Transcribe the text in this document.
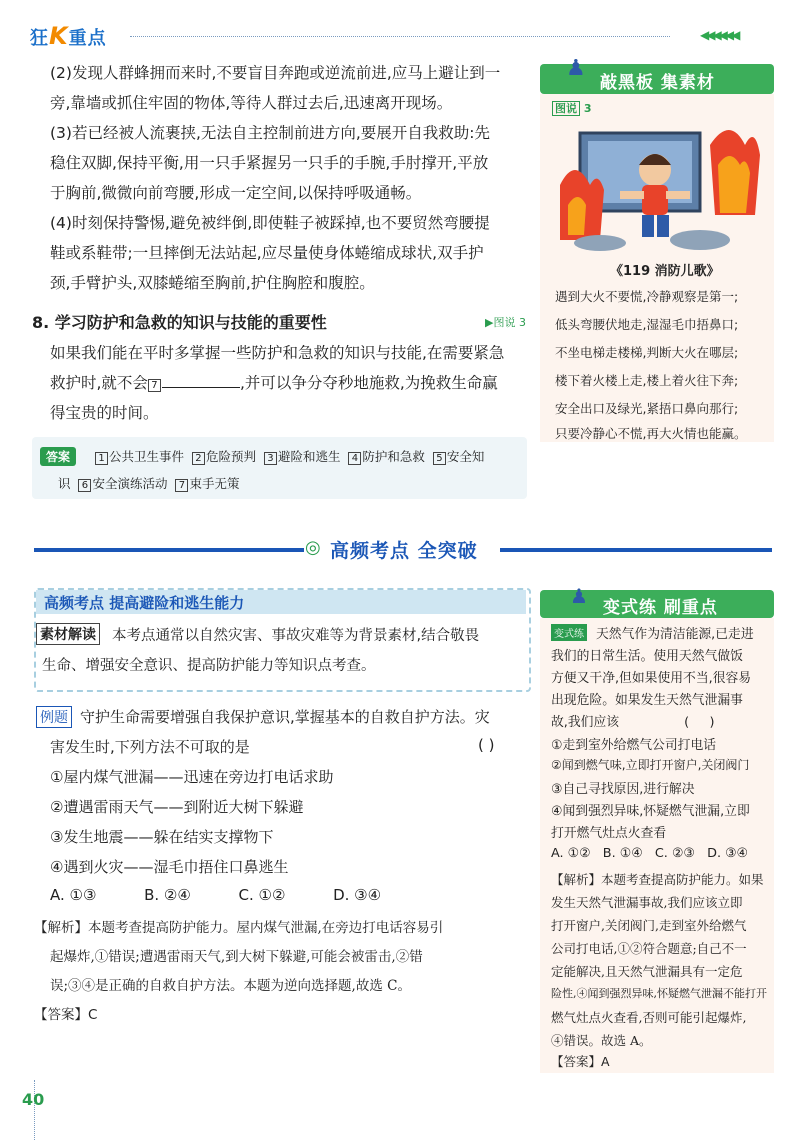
狂K重点	◀◀◀◀◀◀
(2)发现人群蜂拥而来时,不要盲目奔跑或逆流前进,应马上避让到一
旁,靠墙或抓住牢固的物体,等待人群过去后,迅速离开现场。
(3)若已经被人流裹挟,无法自主控制前进方向,要展开自我救助:先
稳住双脚,保持平衡,用一只手紧握另一只手的手腕,手肘撑开,平放
于胸前,微微向前弯腰,形成一定空间,以保持呼吸通畅。
(4)时刻保持警惕,避免被绊倒,即使鞋子被踩掉,也不要贸然弯腰提
鞋或系鞋带;一旦摔倒无法站起,应尽量使身体蜷缩成球状,双手护
颈,手臂护头,双膝蜷缩至胸前,护住胸腔和腹腔。
8. 学习防护和急救的知识与技能的重要性	▶图说 3
如果我们能在平时多掌握一些防护和急救的知识与技能,在需要紧急
救护时,就不会 7	,并可以争分夺秒地施救,为挽救生命赢
得宝贵的时间。
答案	1 公共卫生事件 2 危险预判 3 避险和逃生 4 防护和急救 5 安全知
识 6 安全演练活动 7 束手无策
♟
敲黑板 集素材
图说 3
《119 消防儿歌》
遇到大火不要慌,冷静观察是第一;
低头弯腰伏地走,湿湿毛巾捂鼻口;
不坐电梯走楼梯,判断大火在哪层;
楼下着火楼上走,楼上着火往下奔;
安全出口及绿光,紧捂口鼻向那行;
只要冷静心不慌,再大火情也能赢。
◎ 高频考点 全突破
高频考点 提高避险和逃生能力
素材解读 本考点通常以自然灾害、事故灾难等为背景素材,结合敬畏
生命、增强安全意识、提高防护能力等知识点考查。
例题 守护生命需要增强自我保护意识,掌握基本的自救自护方法。灾
害发生时,下列方法不可取的是	( )
①屋内煤气泄漏——迅速在旁边打电话求助
②遭遇雷雨天气——到附近大树下躲避
③发生地震——躲在结实支撑物下
④遇到火灾——湿毛巾捂住口鼻逃生
A. ①③          B. ②④          C. ①②          D. ③④
【解析】本题考查提高防护能力。屋内煤气泄漏,在旁边打电话容易引
起爆炸,①错误;遭遇雷雨天气,到大树下躲避,可能会被雷击,②错
误;③④是正确的自救自护方法。本题为逆向选择题,故选 C。
【答案】C
♟ 变式练 刷重点
变式练 天然气作为清洁能源,已走进
我们的日常生活。使用天然气做饭
方便又干净,但如果使用不当,很容易
出现危险。如果发生天然气泄漏事
故,我们应该                (     )
①走到室外给燃气公司打电话
②闻到燃气味,立即打开窗户,关闭阀门
③自己寻找原因,进行解决
④闻到强烈异味,怀疑燃气泄漏,立即
打开燃气灶点火查看
A. ①②   B. ①④   C. ②③   D. ③④
【解析】本题考查提高防护能力。如果
发生天然气泄漏事故,我们应该立即
打开窗户,关闭阀门,走到室外给燃气
公司打电话,①②符合题意;自己不一
定能解决,且天然气泄漏具有一定危
险性,④闻到强烈异味,怀疑燃气泄漏不能打开
燃气灶点火查看,否则可能引起爆炸,
④错误。故选 A。
【答案】A
40
